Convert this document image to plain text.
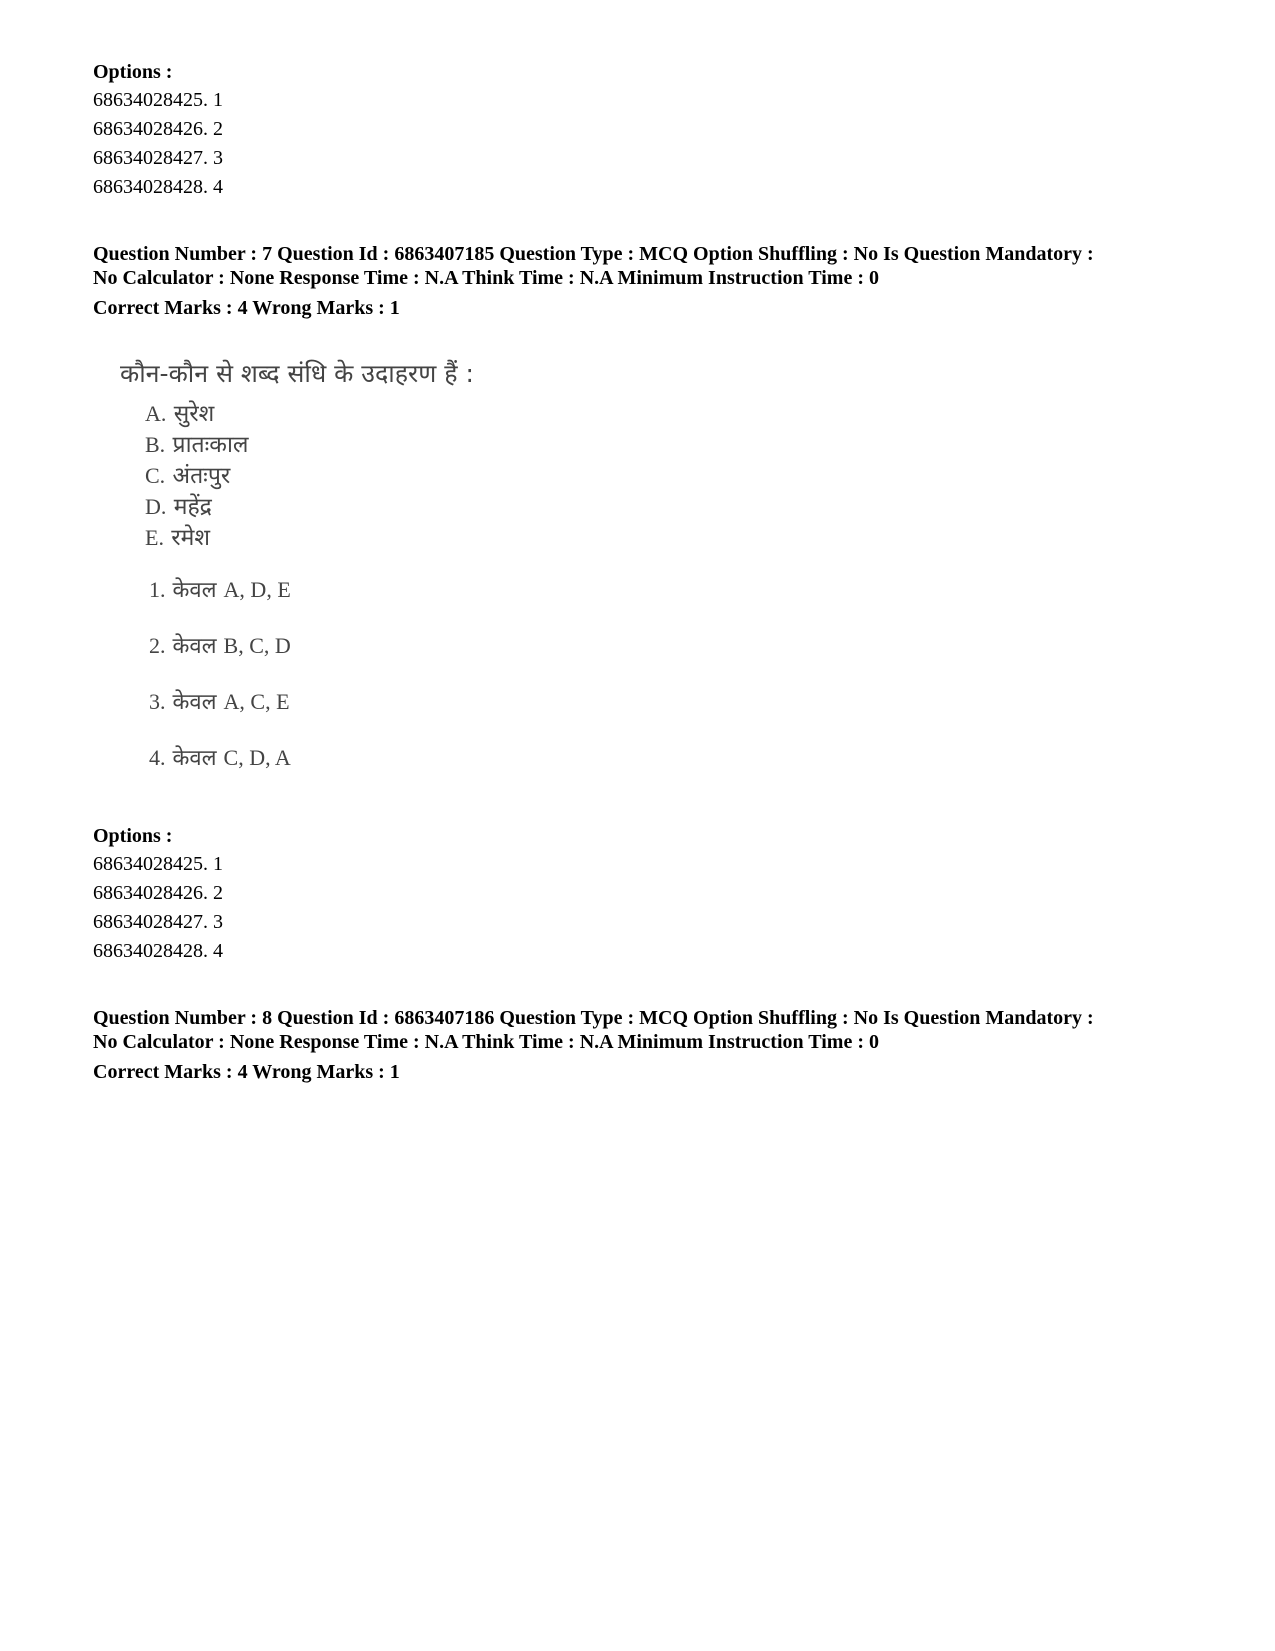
Options :

68634028425. 1

68634028426. 2

68634028427. 3

68634028428. 4

Question Number : 7 Question Id : 6863407185 Question Type : MCQ Option Shuffling : No Is Question Mandatory :

No Calculator : None Response Time : N.A Think Time : N.A Minimum Instruction Time : 0

Correct Marks : 4 Wrong Marks : 1

कौन-कौन से शब्द संधि के उदाहरण हैं :
A. सुरेश
B. प्रातःकाल
C. अंतःपुर
D. महेंद्र
E. रमेश
1. केवल A, D, E
2. केवल B, C, D
3. केवल A, C, E
4. केवल C, D, A

Options :

68634028425. 1

68634028426. 2

68634028427. 3

68634028428. 4

Question Number : 8 Question Id : 6863407186 Question Type : MCQ Option Shuffling : No Is Question Mandatory :

No Calculator : None Response Time : N.A Think Time : N.A Minimum Instruction Time : 0

Correct Marks : 4 Wrong Marks : 1
